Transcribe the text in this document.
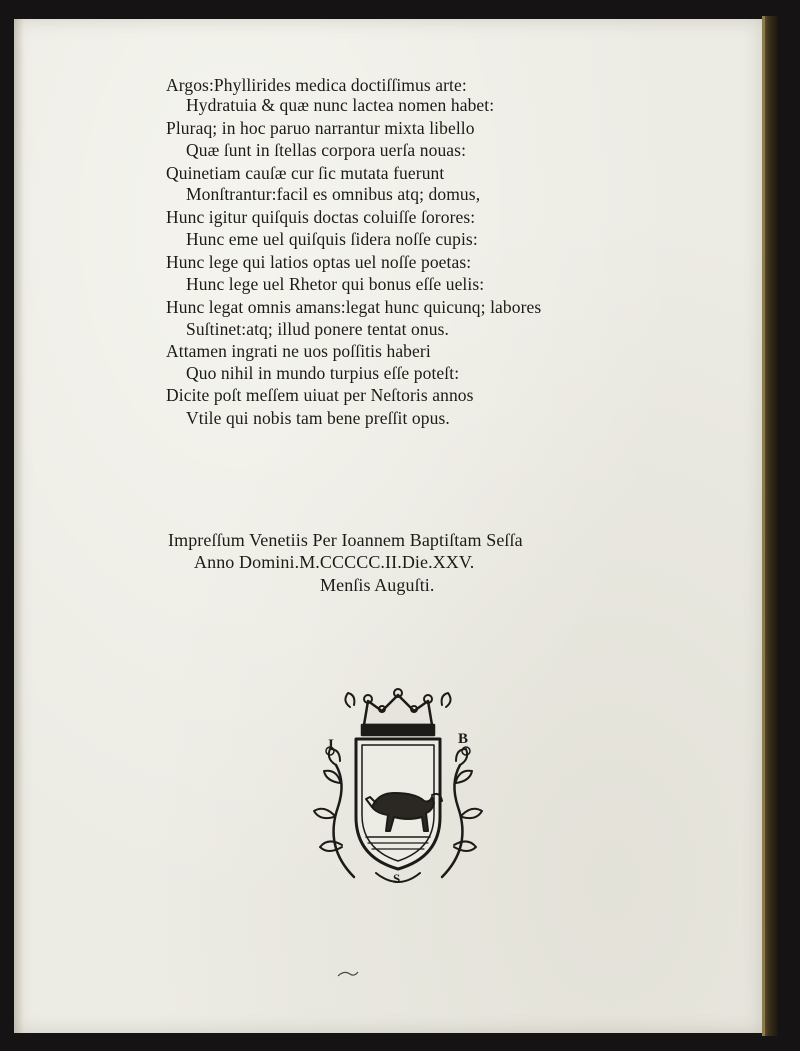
Argos:Phyllirides medica doctiſſimus arte:
Hydratuia & quæ nunc lactea nomen habet:
Pluraq; in hoc paruo narrantur mixta libello
Quæ ſunt in ſtellas corpora uerſa nouas:
Quinetiam cauſæ cur ſic mutata fuerunt
Monſtrantur:facil es omnibus atq; domus,
Hunc igitur quiſquis doctas coluiſſe ſorores:
Hunc eme uel quiſquis ſidera noſſe cupis:
Hunc lege qui latios optas uel noſſe poetas:
Hunc lege uel Rhetor qui bonus eſſe uelis:
Hunc legat omnis amans:legat hunc quicunq; labores
Suſtinet:atq; illud ponere tentat onus.
Attamen ingrati ne uos poſſitis haberi
Quo nihil in mundo turpius eſſe poteſt:
Dicite poſt meſſem uiuat per Neſtoris annos
Vtile qui nobis tam bene preſſit opus.
Impreſſum Venetiis Per Ioannem Baptiſtam Seſſa
Anno Domini.M.CCCCC.II.Die.XXV.
Menſis Auguſti.
I	B
S
